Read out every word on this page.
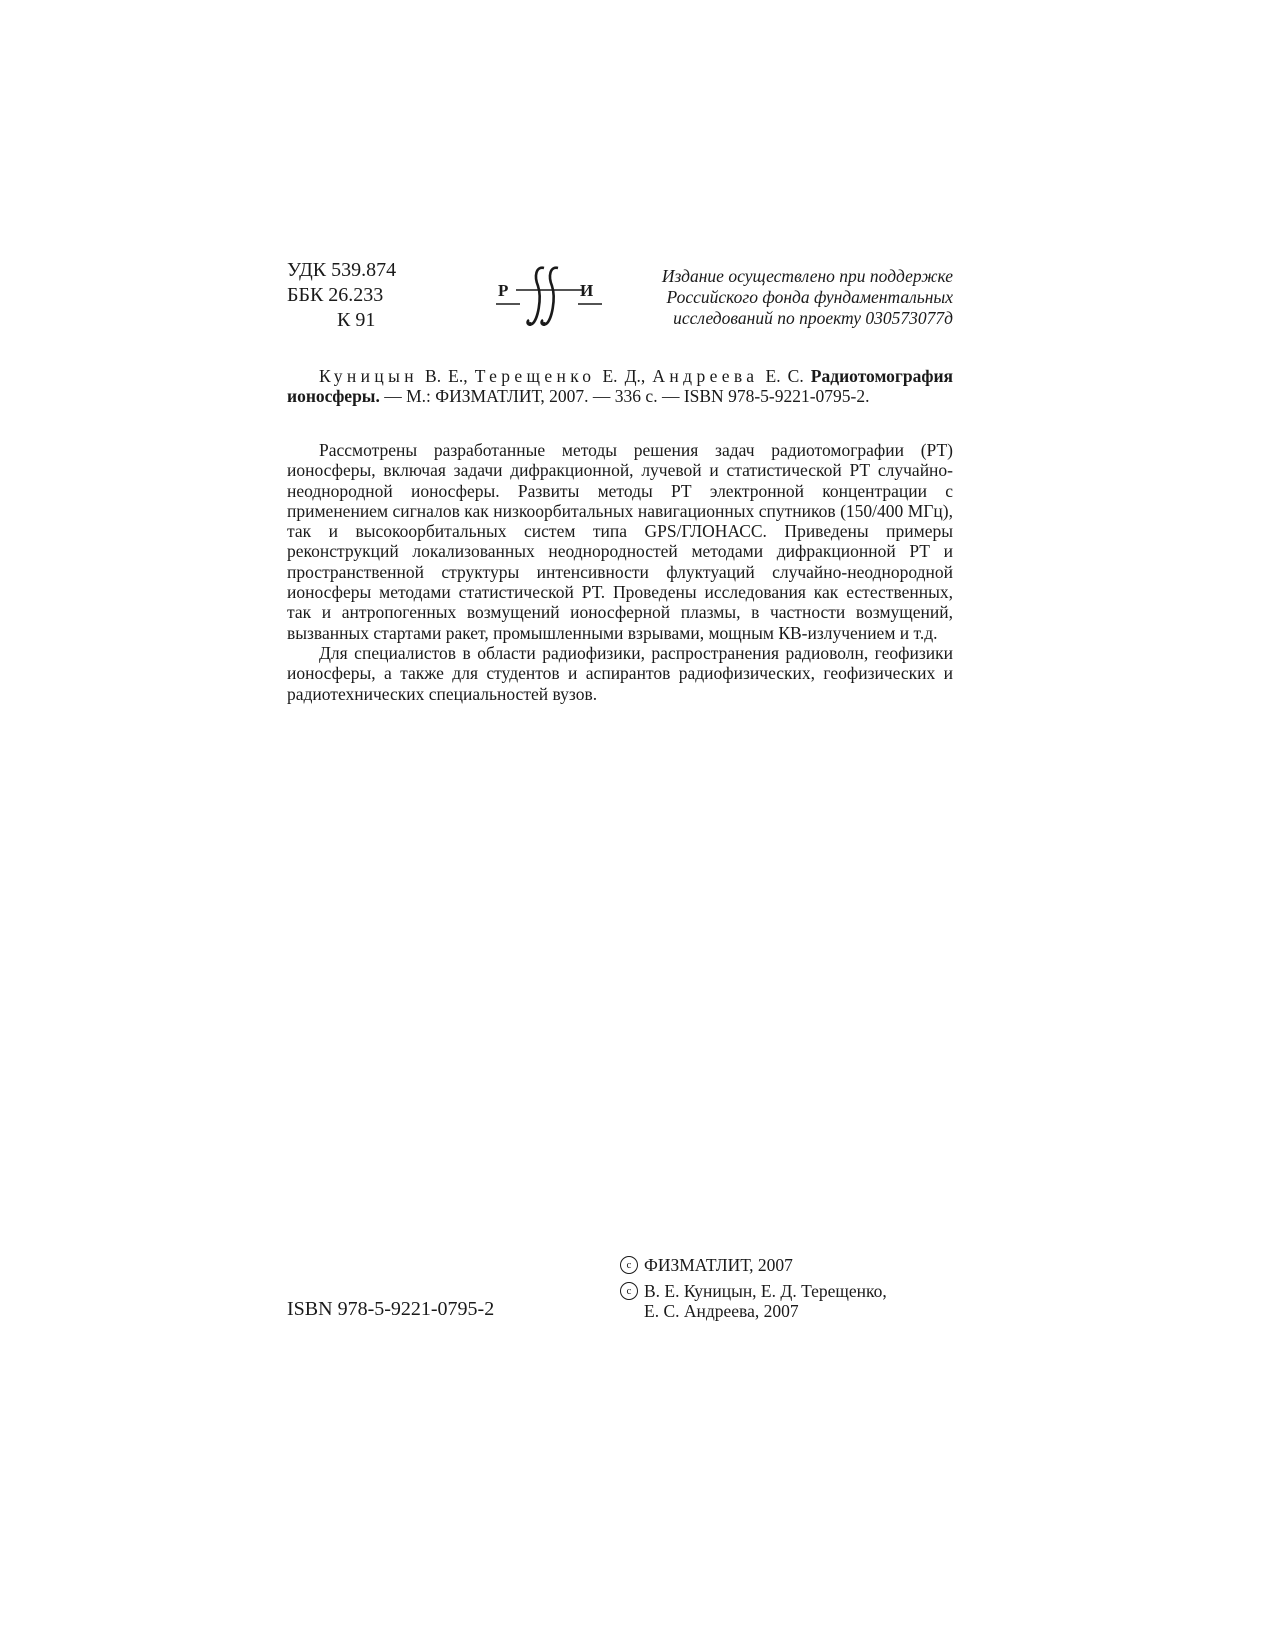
УДК 539.874
ББК 26.233
К 91
Р	И
Издание осуществлено при поддержке
Российского фонда фундаментальных
исследований по проекту 030573077д
Куницын В. Е., Терещенко Е. Д., Андреева Е. С. Радиотомография ионосферы. — М.: ФИЗМАТЛИТ, 2007. — 336 с. — ISBN 978-5-9221-0795-2.

Рассмотрены разработанные методы решения задач радиотомографии (РТ) ионосферы, включая задачи дифракционной, лучевой и статистической РТ случайно-неоднородной ионосферы. Развиты методы РТ электронной концентрации с применением сигналов как низкоорбитальных навигационных спутников (150/400 МГц), так и высокоорбитальных систем типа GPS/ГЛОНАСС. Приведены примеры реконструкций локализованных неоднородностей методами дифракционной РТ и пространственной структуры интенсивности флуктуаций случайно-неоднородной ионосферы методами статистической РТ. Проведены исследования как естественных, так и антропогенных возмущений ионосферной плазмы, в частности возмущений, вызванных стартами ракет, промышленными взрывами, мощным КВ-излучением и т.д.

Для специалистов в области радиофизики, распространения радиоволн, геофизики ионосферы, а также для студентов и аспирантов радиофизических, геофизических и радиотехнических специальностей вузов.

ISBN 978-5-9221-0795-2
c ФИЗМАТЛИТ, 2007
c В. Е. Куницын, Е. Д. Терещенко,
Е. С. Андреева, 2007
